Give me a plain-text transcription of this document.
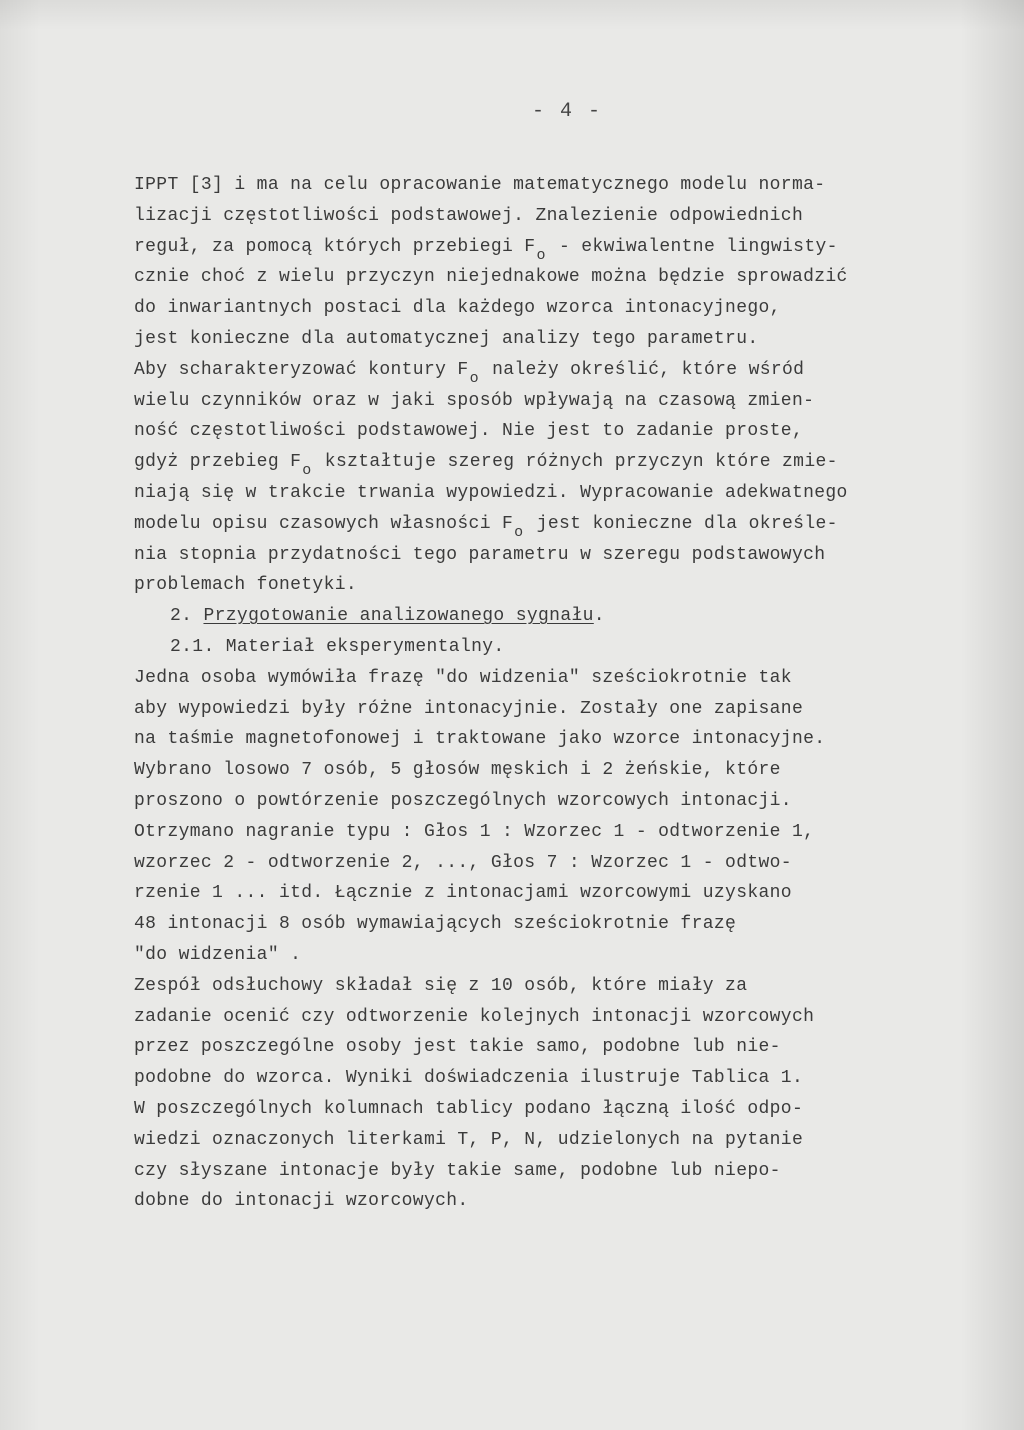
- 4 -
IPPT [3] i ma na celu opracowanie matematycznego modelu norma-
lizacji częstotliwości podstawowej. Znalezienie odpowiednich
reguł, za pomocą których przebiegi $F_o$ - ekwiwalentne lingwisty-
cznie choć z wielu przyczyn niejednakowe można będzie sprowadzić
do inwariantnych postaci dla każdego wzorca intonacyjnego,
jest konieczne dla automatycznej analizy tego parametru.
Aby scharakteryzować kontury $F_o$ należy określić, które wśród
wielu czynników oraz w jaki sposób wpływają na czasową zmien-
ność częstotliwości podstawowej. Nie jest to zadanie proste,
gdyż przebieg $F_o$ kształtuje szereg różnych przyczyn które zmie-
niają się w trakcie trwania wypowiedzi. Wypracowanie adekwatnego
modelu opisu czasowych własności $F_o$ jest konieczne dla określe-
nia stopnia przydatności tego parametru w szeregu podstawowych
problemach fonetyki.
2. Przygotowanie analizowanego sygnału.
2.1. Materiał eksperymentalny.
Jedna osoba wymówiła frazę "do widzenia" sześciokrotnie tak
aby wypowiedzi były różne intonacyjnie. Zostały one zapisane
na taśmie magnetofonowej i traktowane jako wzorce intonacyjne.
Wybrano losowo 7 osób, 5 głosów męskich i 2 żeńskie, które
proszono o powtórzenie poszczególnych wzorcowych intonacji.
Otrzymano nagranie typu : Głos 1 : Wzorzec 1 - odtworzenie 1,
wzorzec 2 - odtworzenie 2, ..., Głos 7 : Wzorzec 1 - odtwo-
rzenie 1 ... itd. Łącznie z intonacjami wzorcowymi uzyskano
48 intonacji 8 osób wymawiających sześciokrotnie frazę
"do widzenia" .
Zespół odsłuchowy składał się z 10 osób, które miały za
zadanie ocenić czy odtworzenie kolejnych intonacji wzorcowych
przez poszczególne osoby jest takie samo, podobne lub nie-
podobne do wzorca. Wyniki doświadczenia ilustruje Tablica 1.
W poszczególnych kolumnach tablicy podano łączną ilość odpo-
wiedzi oznaczonych literkami T, P, N, udzielonych na pytanie
czy słyszane intonacje były takie same, podobne lub niepo-
dobne do intonacji wzorcowych.
